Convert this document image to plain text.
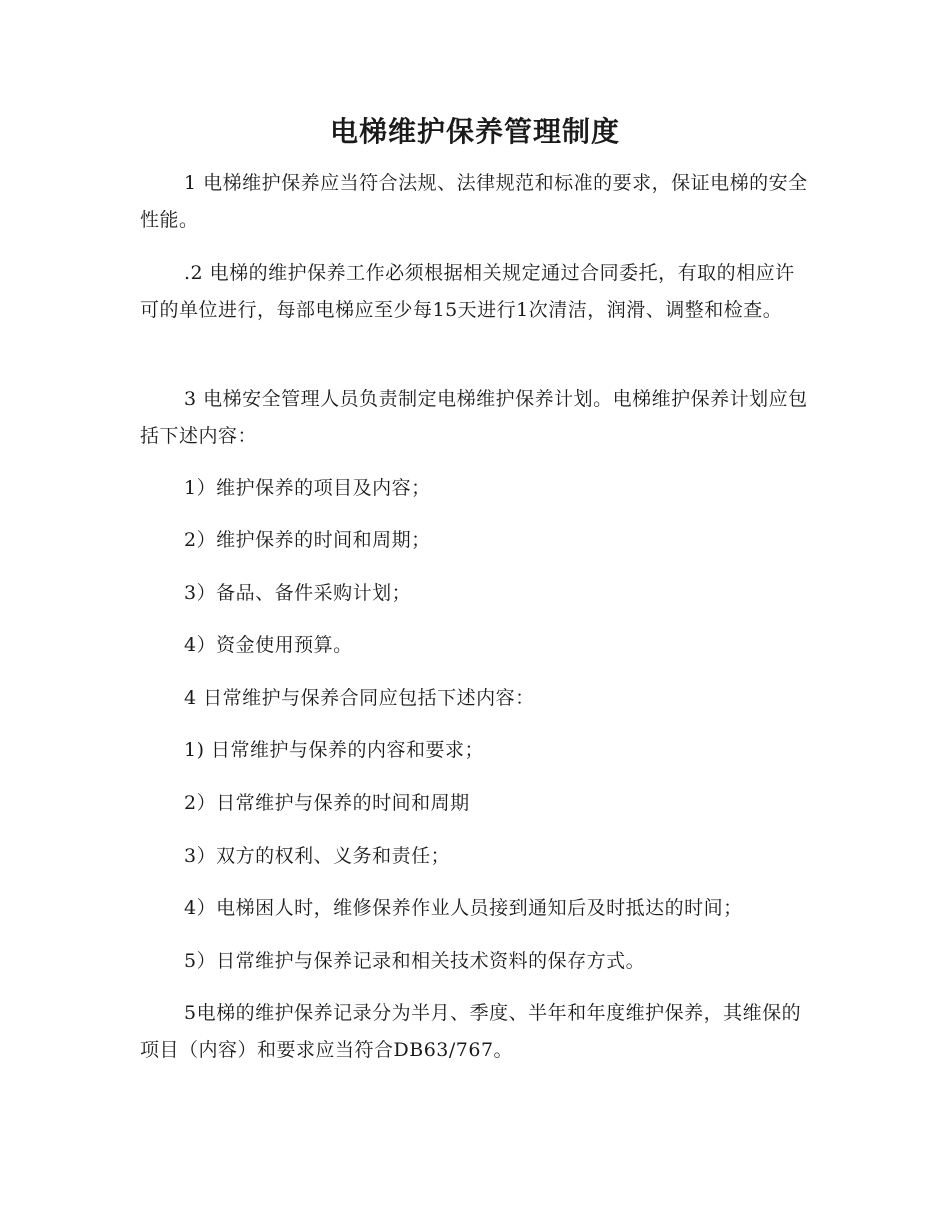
电梯维护保养管理制度

1 电梯维护保养应当符合法规、法律规范和标准的要求，保证电梯的安全性能。

.2 电梯的维护保养工作必须根据相关规定通过合同委托，有取的相应许可的单位进行，每部电梯应至少每15天进行1次清洁，润滑、调整和检查。

3 电梯安全管理人员负责制定电梯维护保养计划。电梯维护保养计划应包括下述内容：

1）维护保养的项目及内容；

2）维护保养的时间和周期；

3）备品、备件采购计划；

4）资金使用预算。

4 日常维护与保养合同应包括下述内容：

1) 日常维护与保养的内容和要求；

2）日常维护与保养的时间和周期

3）双方的权利、义务和责任；

4）电梯困人时，维修保养作业人员接到通知后及时抵达的时间；

5）日常维护与保养记录和相关技术资料的保存方式。

5电梯的维护保养记录分为半月、季度、半年和年度维护保养，其维保的项目（内容）和要求应当符合DB63/767。
